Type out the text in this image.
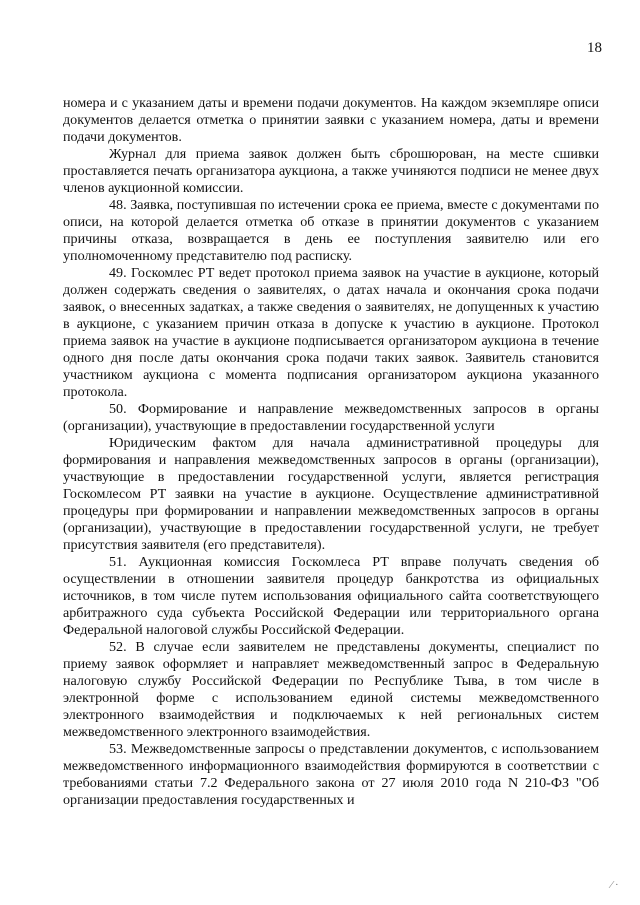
18

номера и с указанием даты и времени подачи документов. На каждом экземпляре описи документов делается отметка о принятии заявки с указанием номера, даты и времени подачи документов.

Журнал для приема заявок должен быть сброшюрован, на месте сшивки проставляется печать организатора аукциона, а также учиняются подписи не менее двух членов аукционной комиссии.

48. Заявка, поступившая по истечении срока ее приема, вместе с документами по описи, на которой делается отметка об отказе в принятии документов с указанием причины отказа, возвращается в день ее поступления заявителю или его уполномоченному представителю под расписку.

49. Госкомлес РТ ведет протокол приема заявок на участие в аукционе, который должен содержать сведения о заявителях, о датах начала и окончания срока подачи заявок, о внесенных задатках, а также сведения о заявителях, не допущенных к участию в аукционе, с указанием причин отказа в допуске к участию в аукционе. Протокол приема заявок на участие в аукционе подписывается организатором аукциона в течение одного дня после даты окончания срока подачи таких заявок. Заявитель становится участником аукциона с момента подписания организатором аукциона указанного протокола.

50. Формирование и направление межведомственных запросов в органы (организации), участвующие в предоставлении государственной услуги

Юридическим фактом для начала административной процедуры для формирования и направления межведомственных запросов в органы (организации), участвующие в предоставлении государственной услуги, является регистрация Госкомлесом РТ заявки на участие в аукционе. Осуществление административной процедуры при формировании и направлении межведомственных запросов в органы (организации), участвующие в предоставлении государственной услуги, не требует присутствия заявителя (его представителя).

51. Аукционная комиссия Госкомлеса РТ вправе получать сведения об осуществлении в отношении заявителя процедур банкротства из официальных источников, в том числе путем использования официального сайта соответствующего арбитражного суда субъекта Российской Федерации или территориального органа Федеральной налоговой службы Российской Федерации.

52. В случае если заявителем не представлены документы, специалист по приему заявок оформляет и направляет межведомственный запрос в Федеральную налоговую службу Российской Федерации по Республике Тыва, в том числе в электронной форме с использованием единой системы межведомственного электронного взаимодействия и подключаемых к ней региональных систем межведомственного электронного взаимодействия.

53. Межведомственные запросы о представлении документов, с использованием межведомственного информационного взаимодействия формируются в соответствии с требованиями статьи 7.2 Федерального закона от 27 июля 2010 года N 210-ФЗ "Об организации предоставления государственных и

⁄ ·
